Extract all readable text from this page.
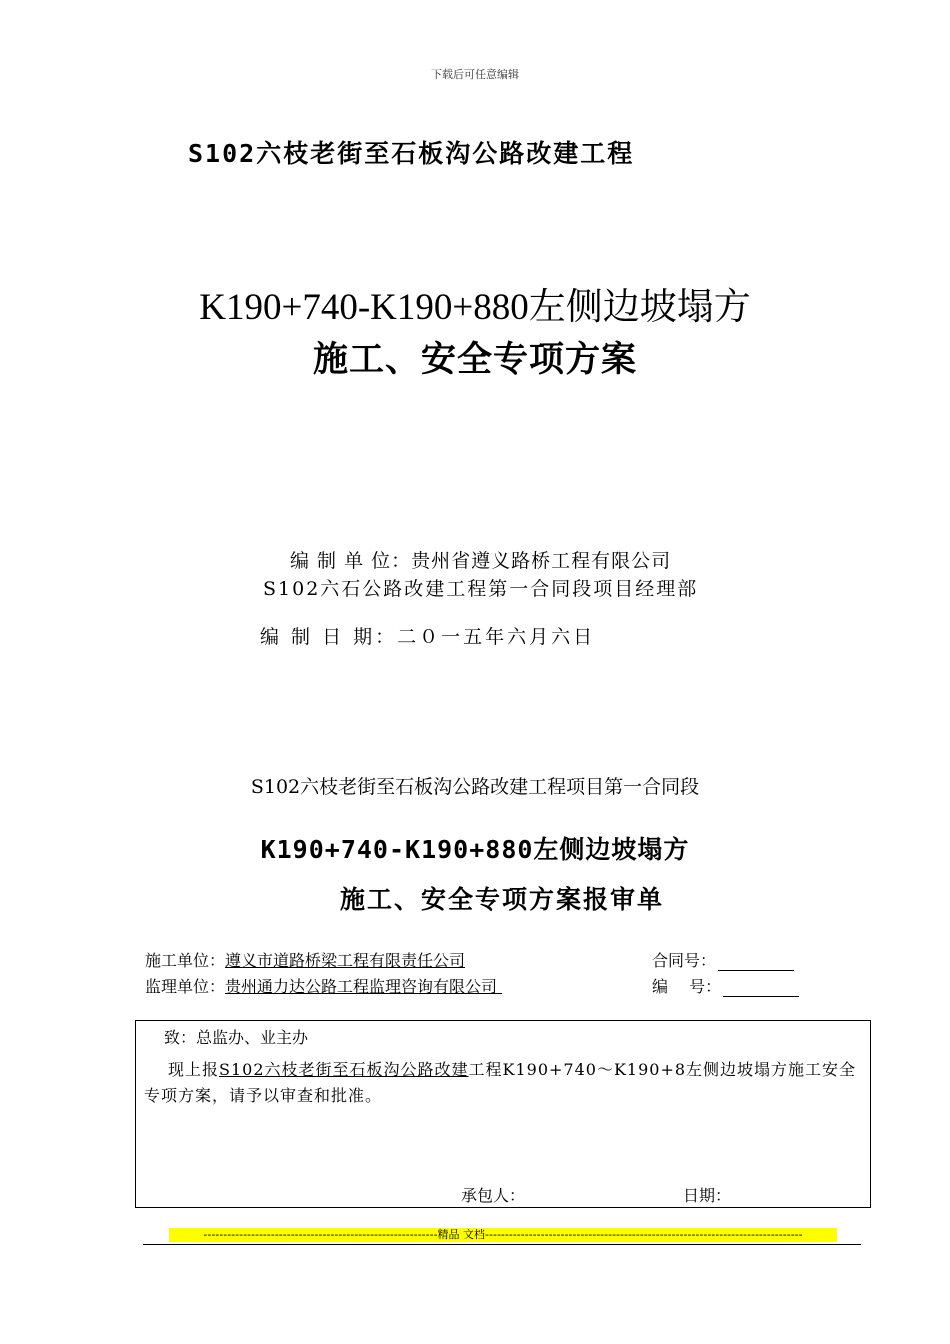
下载后可任意编辑
S102六枝老街至石板沟公路改建工程
K190+740-K190+880左侧边坡塌方
施工、安全专项方案
编 制 单 位：贵州省遵义路桥工程有限公司
S102六石公路改建工程第一合同段项目经理部
编 制 日 期：二０一五年六月六日
S102六枝老街至石板沟公路改建工程项目第一合同段
K190+740-K190+880左侧边坡塌方
施工、安全专项方案报审单
施工单位：遵义市道路桥梁工程有限责任公司	合同号：
监理单位：贵州通力达公路工程监理咨询有限公司	编　 号：
致：总监办、业主办
现上报S102六枝老街至石板沟公路改建工程K190+740～K190+8左侧边坡塌方施工安全专项方案，请予以审查和批准。
承包人：	日期：
-----------------------------------------------------------精品 文档--------------------------------------------------------------------------------
